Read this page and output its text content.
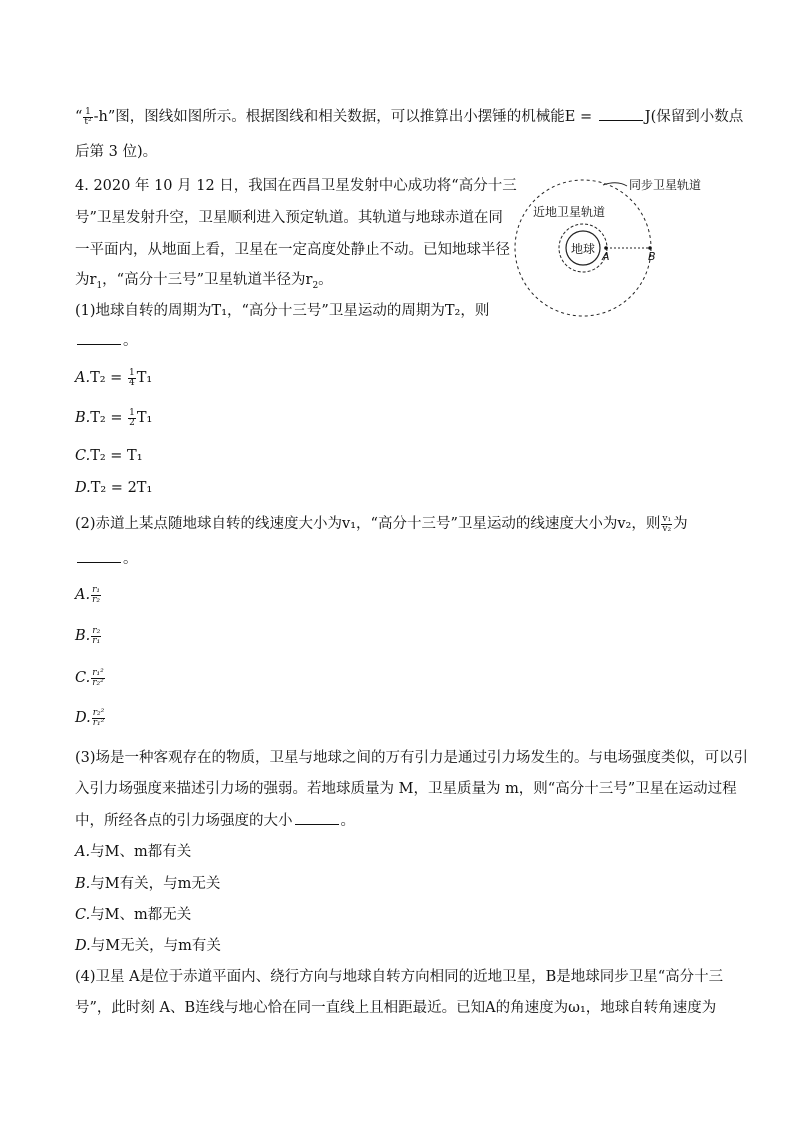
“ $\frac{1}{\text{t²}} -h$”图，图线如图所示。根据图线和相关数据，可以推算出小摆锤的机械能E =	J(保留到小数点
后第 3 位)。
4. 2020 年 10 月 12 日，我国在西昌卫星发射中心成功将“高分十三
号”卫星发射升空，卫星顺利进入预定轨道。其轨道与地球赤道在同
一平面内，从地面上看，卫星在一定高度处静止不动。已知地球半径
为$r_1$，“高分十三号”卫星轨道半径为$r_2$。
(1)地球自转的周期为T₁，“高分十三号”卫星运动的周期为T₂，则
。
$A.T_2 = \frac{1}{4} T_1$
$B.T_2 = \frac{1}{2} T_1$
C.T₂ = T₁
D.T₂ = 2T₁
(2)赤道上某点随地球自转的线速度大小为v₁，“高分十三号”卫星运动的线速度大小为v₂，则 $\frac{\text{v₁}}{\text{v₂}}$ 为
。
A. $\frac{\text{r₁}}{\text{r₂}}$
B. $\frac{\text{r₂}}{\text{r₁}}$
C. $\frac{\text{r₁²}}{\text{r₂²}}$
D. $\frac{\text{r₂²}}{\text{r₁²}}$
(3)场是一种客观存在的物质，卫星与地球之间的万有引力是通过引力场发生的。与电场强度类似，可以引
入引力场强度来描述引力场的强弱。若地球质量为 M，卫星质量为 m，则“高分十三号”卫星在运动过程
中，所经各点的引力场强度的大小	。
A.与M、m都有关
B.与M有关，与m无关
C.与M、m都无关
D.与M无关，与m有关
(4)卫星 A是位于赤道平面内、绕行方向与地球自转方向相同的近地卫星，B是地球同步卫星“高分十三
号”，此时刻 A、B连线与地心恰在同一直线上且相距最近。已知A的角速度为ω₁，地球自转角速度为
地球
A	B
近地卫星轨道
同步卫星轨道
